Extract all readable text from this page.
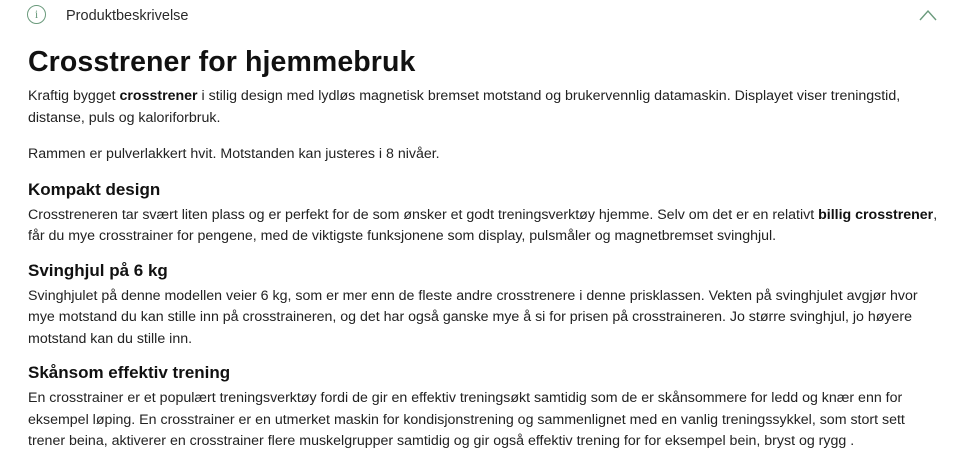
i	Produktbeskrivelse
Crosstrener for hjemmebruk

Kraftig bygget crosstrener i stilig design med lydløs magnetisk bremset motstand og brukervennlig datamaskin. Displayet viser treningstid, distanse, puls og kaloriforbruk.

Rammen er pulverlakkert hvit. Motstanden kan justeres i 8 nivåer.

Kompakt design

Crosstreneren tar svært liten plass og er perfekt for de som ønsker et godt treningsverktøy hjemme. Selv om det er en relativt billig crosstrener, får du mye crosstrainer for pengene, med de viktigste funksjonene som display, pulsmåler og magnetbremset svinghjul.

Svinghjul på 6 kg

Svinghjulet på denne modellen veier 6 kg, som er mer enn de fleste andre crosstrenere i denne prisklassen. Vekten på svinghjulet avgjør hvor mye motstand du kan stille inn på crosstraineren, og det har også ganske mye å si for prisen på crosstraineren. Jo større svinghjul, jo høyere motstand kan du stille inn.

Skånsom effektiv trening

En crosstrainer er et populært treningsverktøy fordi de gir en effektiv treningsøkt samtidig som de er skånsommere for ledd og knær enn for eksempel løping. En crosstrainer er en utmerket maskin for kondisjonstrening og sammenlignet med en vanlig treningssykkel, som stort sett trener beina, aktiverer en crosstrainer flere muskelgrupper samtidig og gir også effektiv trening for for eksempel bein, bryst og rygg .
